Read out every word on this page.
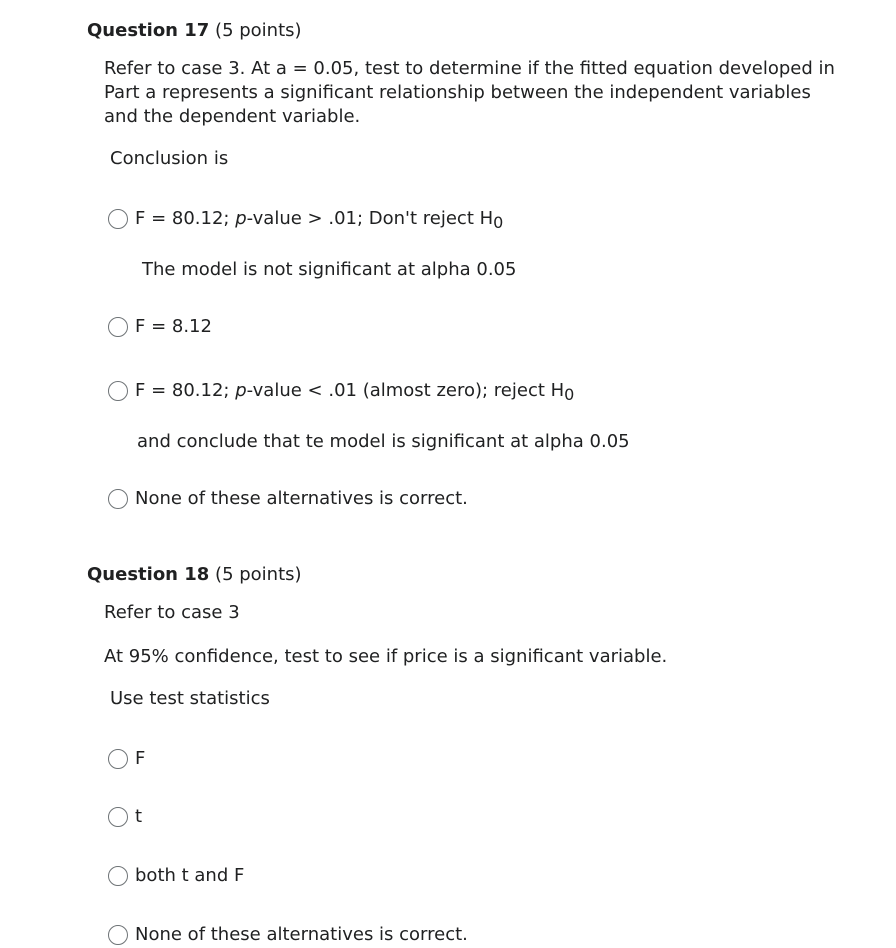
Question 17 (5 points)
Refer to case 3. At a = 0.05, test to determine if the fitted equation developed in
Part a represents a significant relationship between the independent variables
and the dependent variable.
Conclusion is
F = 80.12; p-value > .01; Don't reject H0
The model is not significant at alpha 0.05
F = 8.12
F = 80.12; p-value < .01 (almost zero); reject H0
and conclude that te model is significant at alpha 0.05
None of these alternatives is correct.
Question 18 (5 points)
Refer to case 3
At 95% confidence, test to see if price is a significant variable.
Use test statistics
F
t
both t and F
None of these alternatives is correct.
